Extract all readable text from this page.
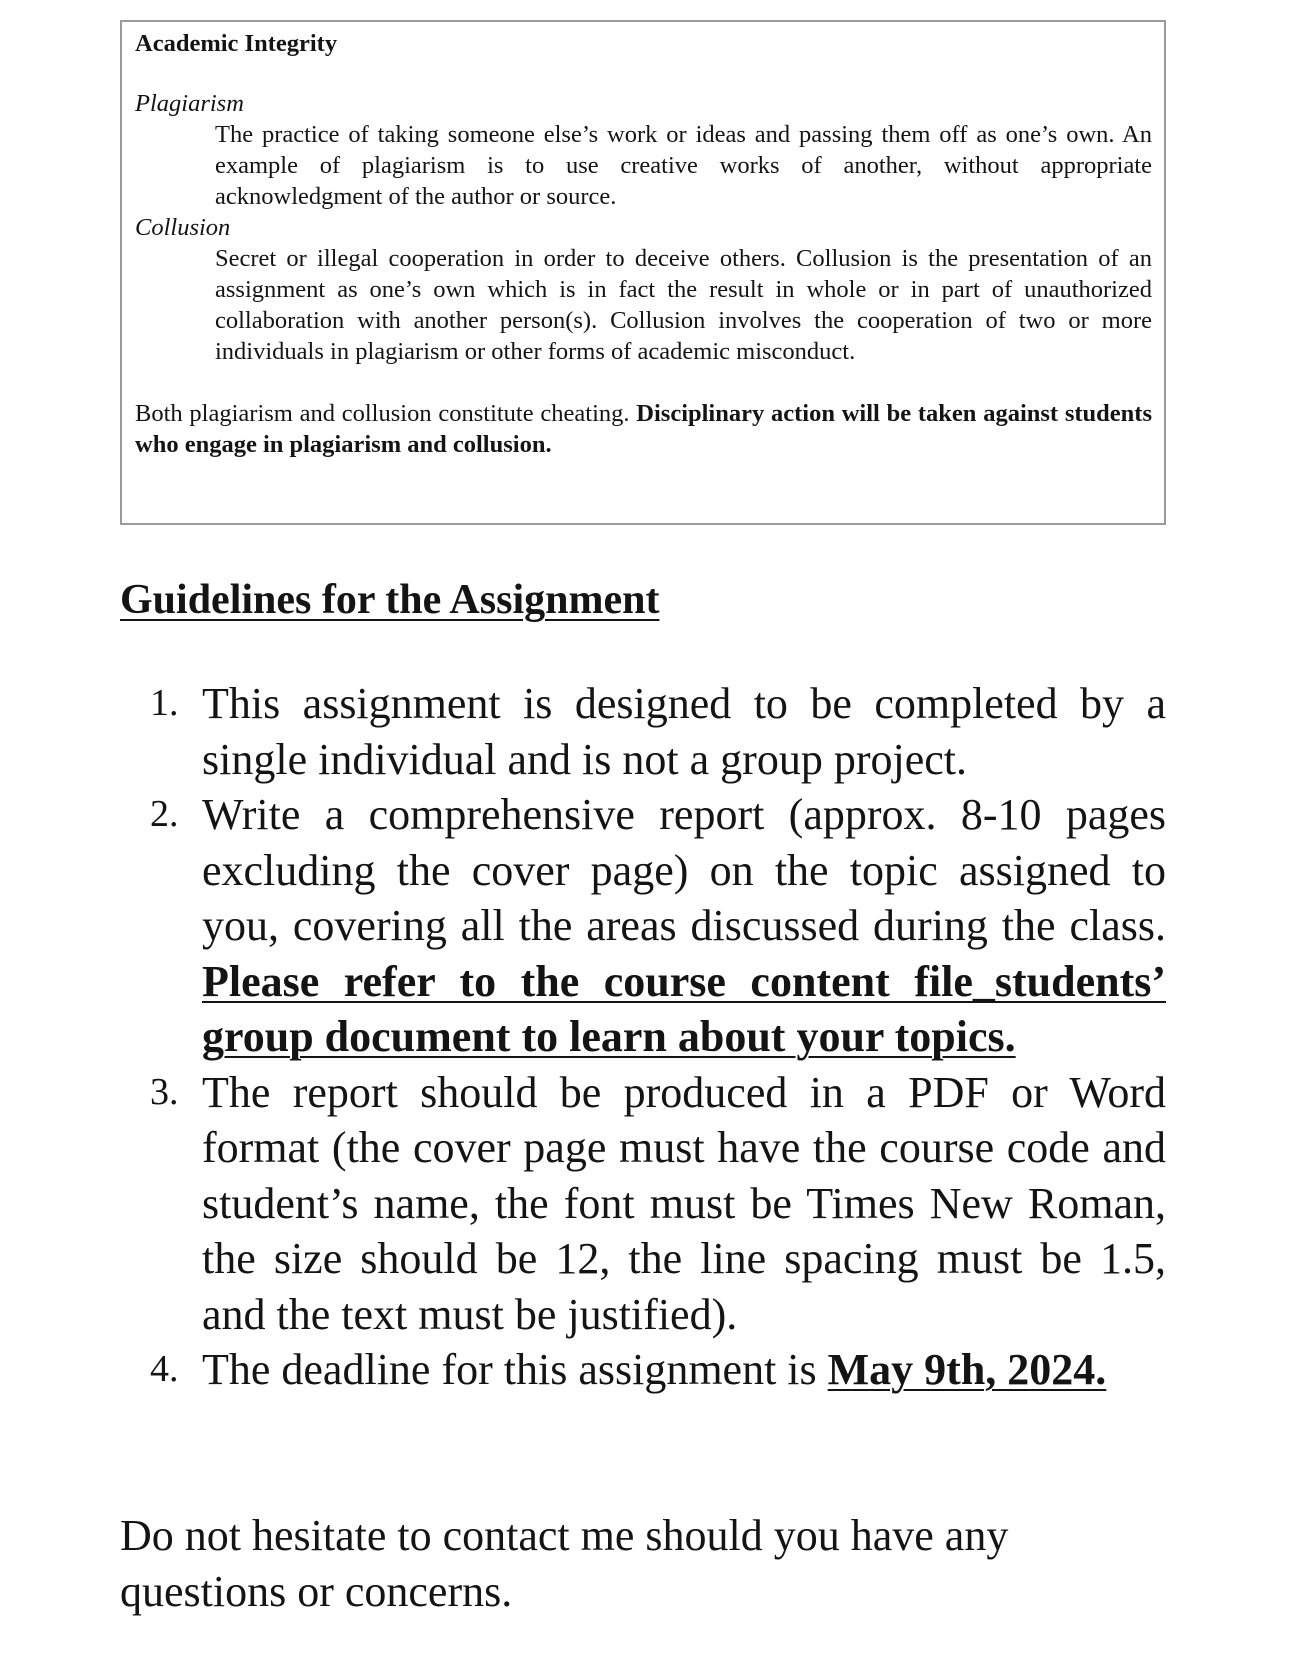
Academic Integrity

Plagiarism

The practice of taking someone else’s work or ideas and passing them off as one’s own. An example of plagiarism is to use creative works of another, without appropriate acknowledgment of the author or source.

Collusion

Secret or illegal cooperation in order to deceive others. Collusion is the presentation of an assignment as one’s own which is in fact the result in whole or in part of unauthorized collaboration with another person(s). Collusion involves the cooperation of two or more individuals in plagiarism or other forms of academic misconduct.

Both plagiarism and collusion constitute cheating. Disciplinary action will be taken against students who engage in plagiarism and collusion.

Guidelines for the Assignment
1. This assignment is designed to be completed by a single individual and is not a group project.
2. Write a comprehensive report (approx. 8-10 pages excluding the cover page) on the topic assigned to you, covering all the areas discussed during the class. Please refer to the course content file_students’ group document to learn about your topics.
3. The report should be produced in a PDF or Word format (the cover page must have the course code and student’s name, the font must be Times New Roman, the size should be 12, the line spacing must be 1.5, and the text must be justified).
4. The deadline for this assignment is May 9th, 2024.

Do not hesitate to contact me should you have any questions or concerns.
